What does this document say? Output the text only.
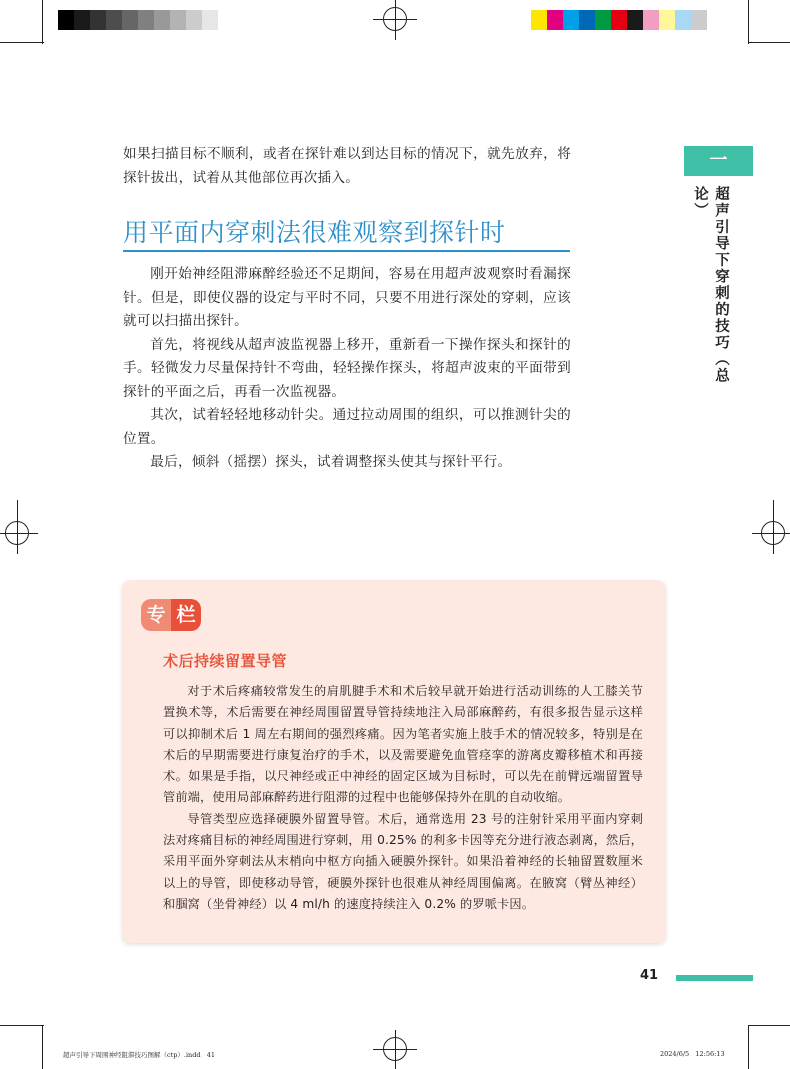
一
超声引导下穿刺的技巧（总论）

如果扫描目标不顺利，或者在探针难以到达目标的情况下，就先放弃，将探针拔出，试着从其他部位再次插入。

用平面内穿刺法很难观察到探针时

刚开始神经阻滞麻醉经验还不足期间，容易在用超声波观察时看漏探针。但是，即使仪器的设定与平时不同，只要不用进行深处的穿刺，应该就可以扫描出探针。

首先，将视线从超声波监视器上移开，重新看一下操作探头和探针的手。轻微发力尽量保持针不弯曲，轻轻操作探头，将超声波束的平面带到探针的平面之后，再看一次监视器。

其次，试着轻轻地移动针尖。通过拉动周围的组织，可以推测针尖的位置。

最后，倾斜（摇摆）探头，试着调整探头使其与探针平行。

专 栏
术后持续留置导管

对于术后疼痛较常发生的肩肌腱手术和术后较早就开始进行活动训练的人工膝关节置换术等，术后需要在神经周围留置导管持续地注入局部麻醉药，有很多报告显示这样可以抑制术后 1 周左右期间的强烈疼痛。因为笔者实施上肢手术的情况较多，特别是在术后的早期需要进行康复治疗的手术，以及需要避免血管痉挛的游离皮瓣移植术和再接术。如果是手指，以尺神经或正中神经的固定区域为目标时，可以先在前臂远端留置导管前端，使用局部麻醉药进行阻滞的过程中也能够保持外在肌的自动收缩。

导管类型应选择硬膜外留置导管。术后，通常选用 23 号的注射针采用平面内穿刺法对疼痛目标的神经周围进行穿刺，用 0.25% 的利多卡因等充分进行液态剥离，然后，采用平面外穿刺法从末梢向中枢方向插入硬膜外探针。如果沿着神经的长轴留置数厘米以上的导管，即使移动导管，硬膜外探针也很难从神经周围偏离。在腋窝（臂丛神经）和腘窝（坐骨神经）以 4 ml/h 的速度持续注入 0.2% 的罗哌卡因。

41
超声引导下周围神经阻滞技巧图解（ctp）.indd   41	2024/6/5   12:56:13
